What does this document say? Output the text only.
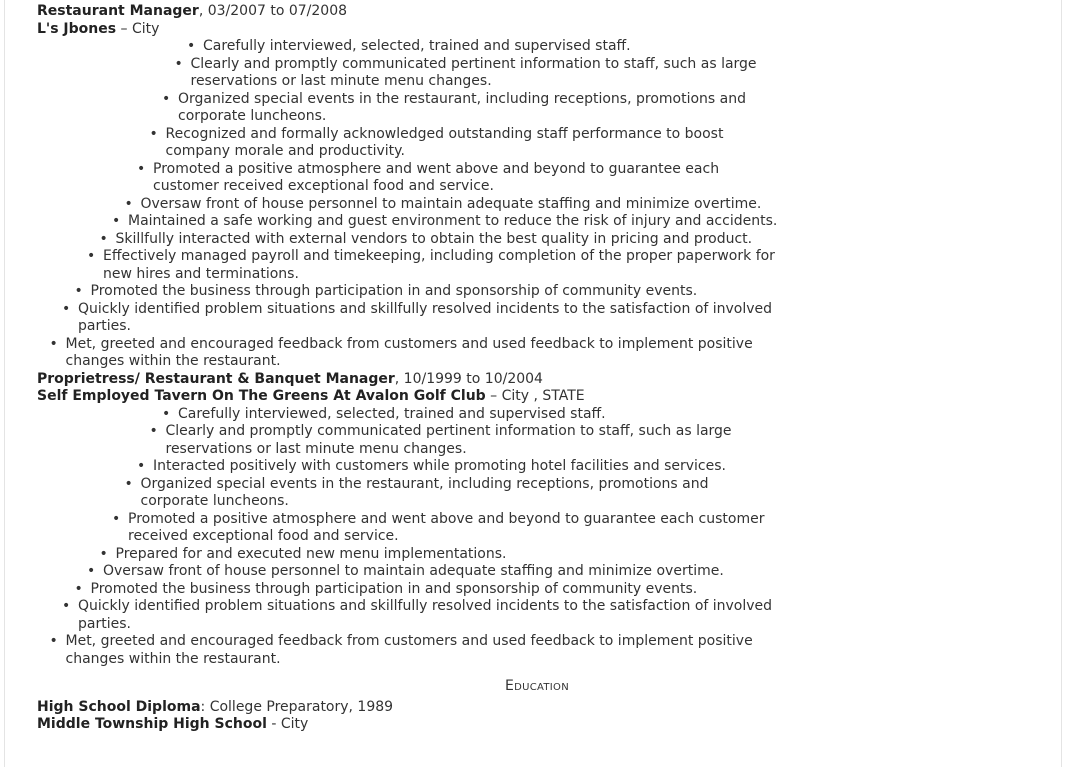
Restaurant Manager, 03/2007 to 07/2008
L's Jbones – City
• Carefully interviewed, selected, trained and supervised staff.
• Clearly and promptly communicated pertinent information to staff, such as large
reservations or last minute menu changes.
• Organized special events in the restaurant, including receptions, promotions and
corporate luncheons.
• Recognized and formally acknowledged outstanding staff performance to boost
company morale and productivity.
• Promoted a positive atmosphere and went above and beyond to guarantee each
customer received exceptional food and service.
• Oversaw front of house personnel to maintain adequate staffing and minimize overtime.
• Maintained a safe working and guest environment to reduce the risk of injury and accidents.
• Skillfully interacted with external vendors to obtain the best quality in pricing and product.
• Effectively managed payroll and timekeeping, including completion of the proper paperwork for
new hires and terminations.
• Promoted the business through participation in and sponsorship of community events.
• Quickly identified problem situations and skillfully resolved incidents to the satisfaction of involved
parties.
• Met, greeted and encouraged feedback from customers and used feedback to implement positive
changes within the restaurant.
Proprietress/ Restaurant & Banquet Manager, 10/1999 to 10/2004
Self Employed Tavern On The Greens At Avalon Golf Club – City , STATE
• Carefully interviewed, selected, trained and supervised staff.
• Clearly and promptly communicated pertinent information to staff, such as large
reservations or last minute menu changes.
• Interacted positively with customers while promoting hotel facilities and services.
• Organized special events in the restaurant, including receptions, promotions and
corporate luncheons.
• Promoted a positive atmosphere and went above and beyond to guarantee each customer
received exceptional food and service.
• Prepared for and executed new menu implementations.
• Oversaw front of house personnel to maintain adequate staffing and minimize overtime.
• Promoted the business through participation in and sponsorship of community events.
• Quickly identified problem situations and skillfully resolved incidents to the satisfaction of involved
parties.
• Met, greeted and encouraged feedback from customers and used feedback to implement positive
changes within the restaurant.
Education
High School Diploma: College Preparatory, 1989
Middle Township High School - City
